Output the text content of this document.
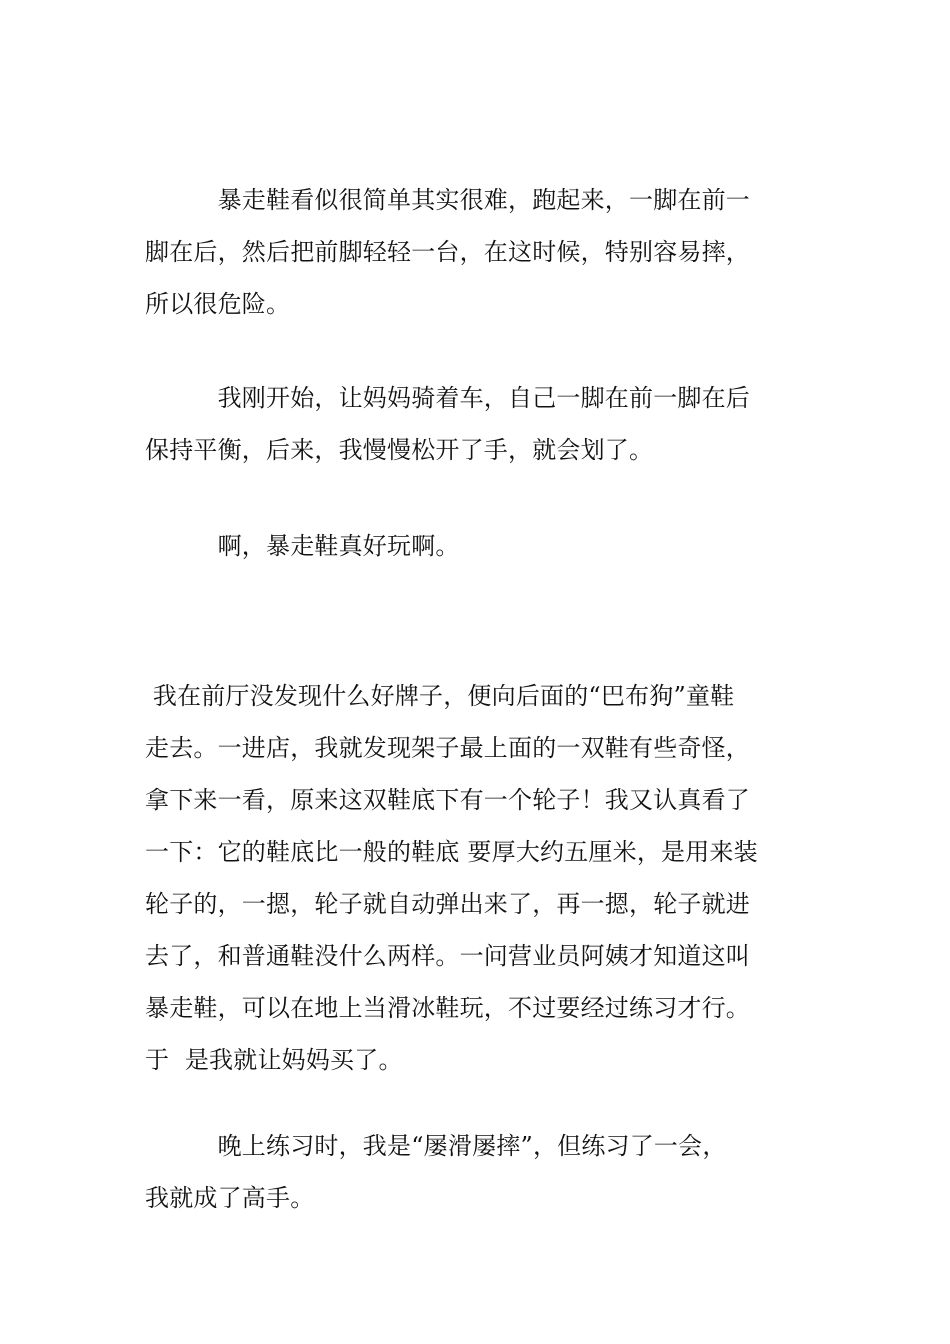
　　　暴走鞋看似很简单其实很难，跑起来，一脚在前一
脚在后，然后把前脚轻轻一台，在这时候，特别容易摔，
所以很危险。

　　　我刚开始，让妈妈骑着车，自己一脚在前一脚在后
保持平衡，后来，我慢慢松开了手，就会划了。

　　　啊，暴走鞋真好玩啊。

我在前厅没发现什么好牌子，便向后面的“巴布狗”童鞋
走去。一进店，我就发现架子最上面的一双鞋有些奇怪，
拿下来一看，原来这双鞋底下有一个轮子！我又认真看了
一下：它的鞋底比一般的鞋底 要厚大约五厘米，是用来装
轮子的，一摁，轮子就自动弹出来了，再一摁，轮子就进
去了，和普通鞋没什么两样。一问营业员阿姨才知道这叫
暴走鞋，可以在地上当滑冰鞋玩，不过要经过练习才行。
于  是我就让妈妈买了。

　　　晚上练习时，我是“屡滑屡摔”，但练习了一会，
我就成了高手。
